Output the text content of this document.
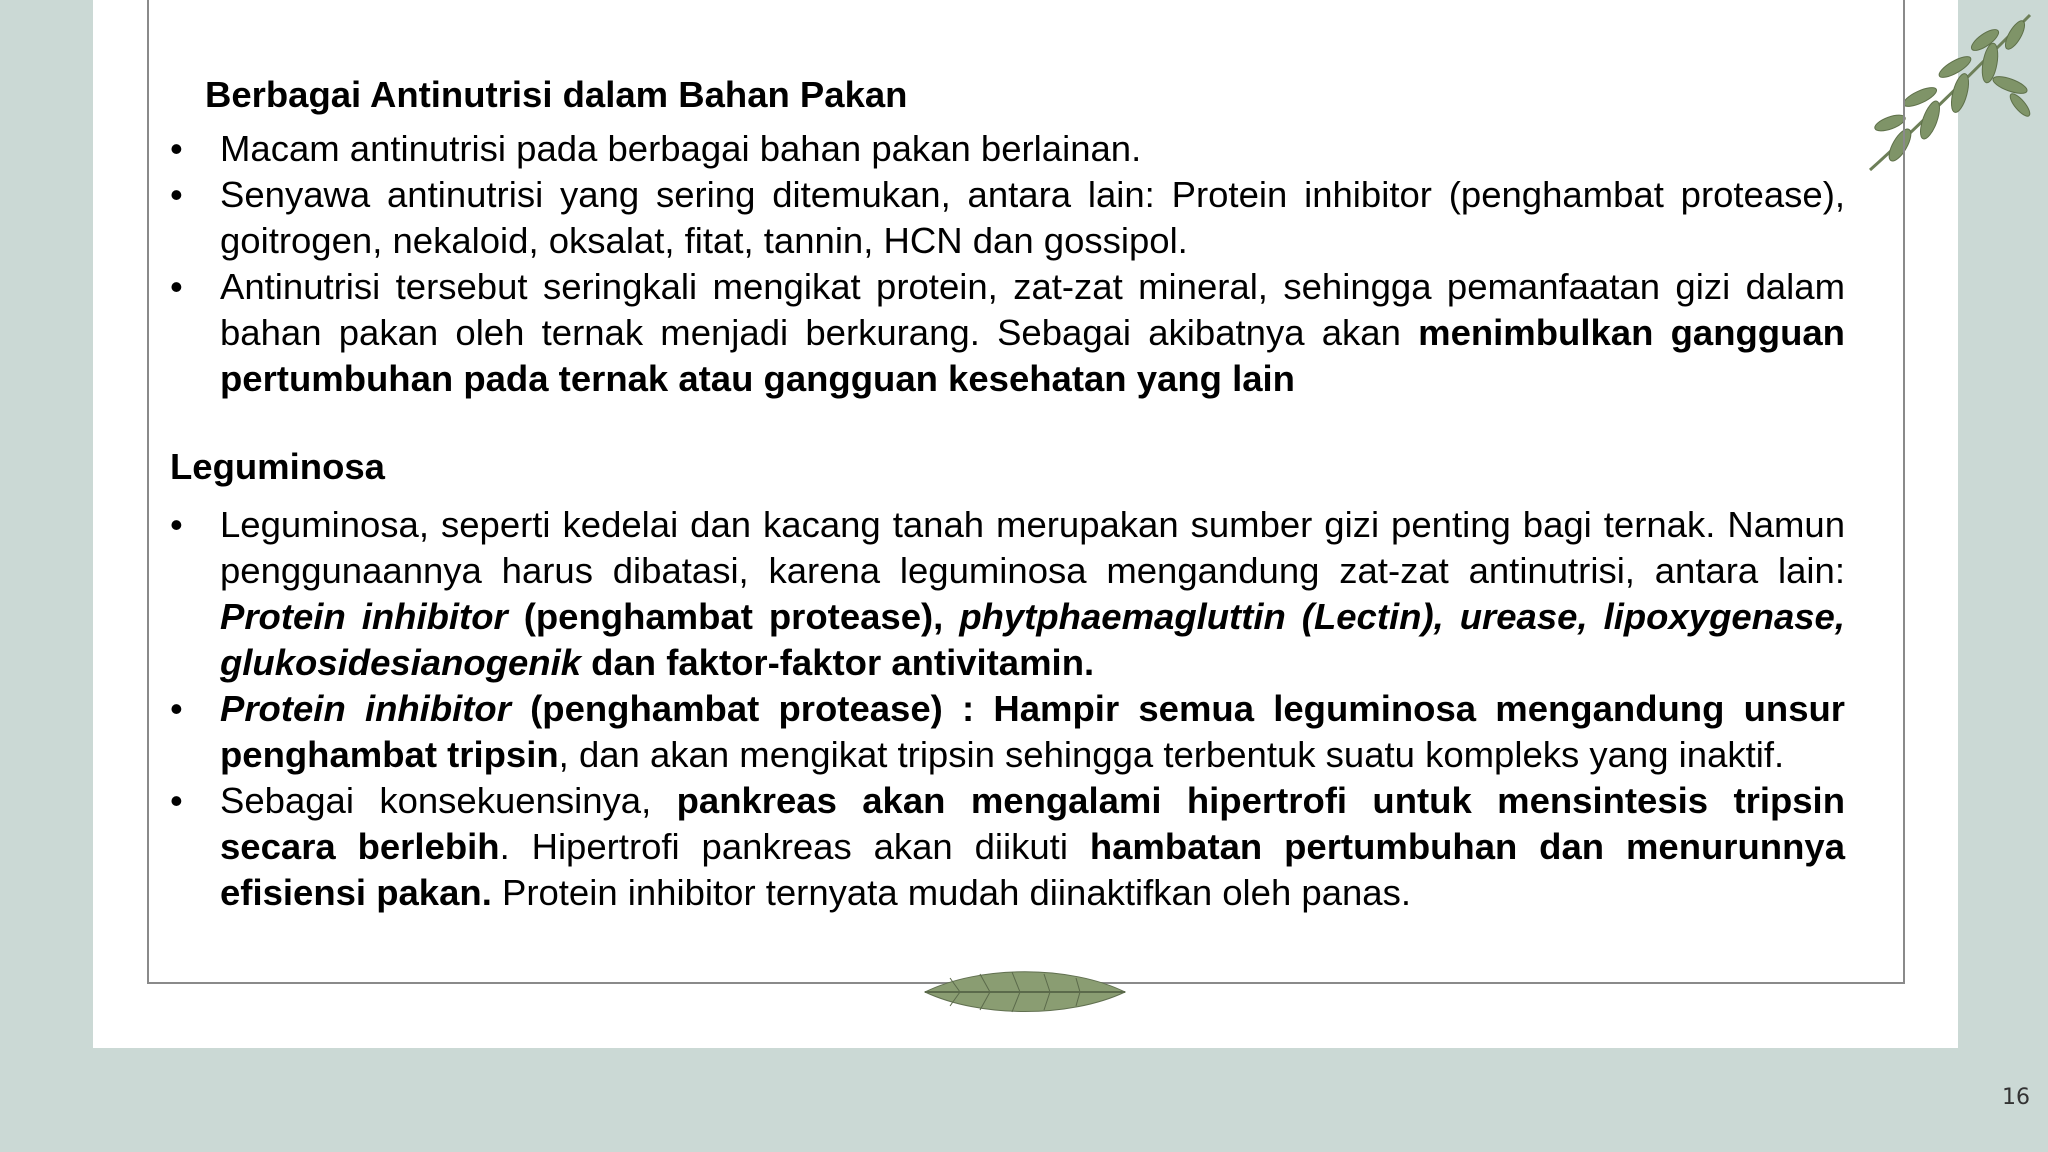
Berbagai Antinutrisi dalam Bahan Pakan
• Macam antinutrisi pada berbagai bahan pakan berlainan.
• Senyawa antinutrisi yang sering ditemukan, antara lain: Protein inhibitor (penghambat protease), goitrogen, nekaloid, oksalat, fitat, tannin, HCN dan gossipol.
• Antinutrisi tersebut seringkali mengikat protein, zat-zat mineral, sehingga pemanfaatan gizi dalam bahan pakan oleh ternak menjadi berkurang. Sebagai akibatnya akan menimbulkan gangguan pertumbuhan pada ternak atau gangguan kesehatan yang lain
Leguminosa
• Leguminosa, seperti kedelai dan kacang tanah merupakan sumber gizi penting bagi ternak. Namun penggunaannya harus dibatasi, karena leguminosa mengandung zat-zat antinutrisi, antara lain: Protein inhibitor (penghambat protease), phytphaemagluttin (Lectin), urease, lipoxygenase, glukosidesianogenik dan faktor-faktor antivitamin.
• Protein inhibitor (penghambat protease) : Hampir semua leguminosa mengandung unsur penghambat tripsin, dan akan mengikat tripsin sehingga terbentuk suatu kompleks yang inaktif.
• Sebagai konsekuensinya, pankreas akan mengalami hipertrofi untuk mensintesis tripsin secara berlebih. Hipertrofi pankreas akan diikuti hambatan pertumbuhan dan menurunnya efisiensi pakan. Protein inhibitor ternyata mudah diinaktifkan oleh panas.
16
